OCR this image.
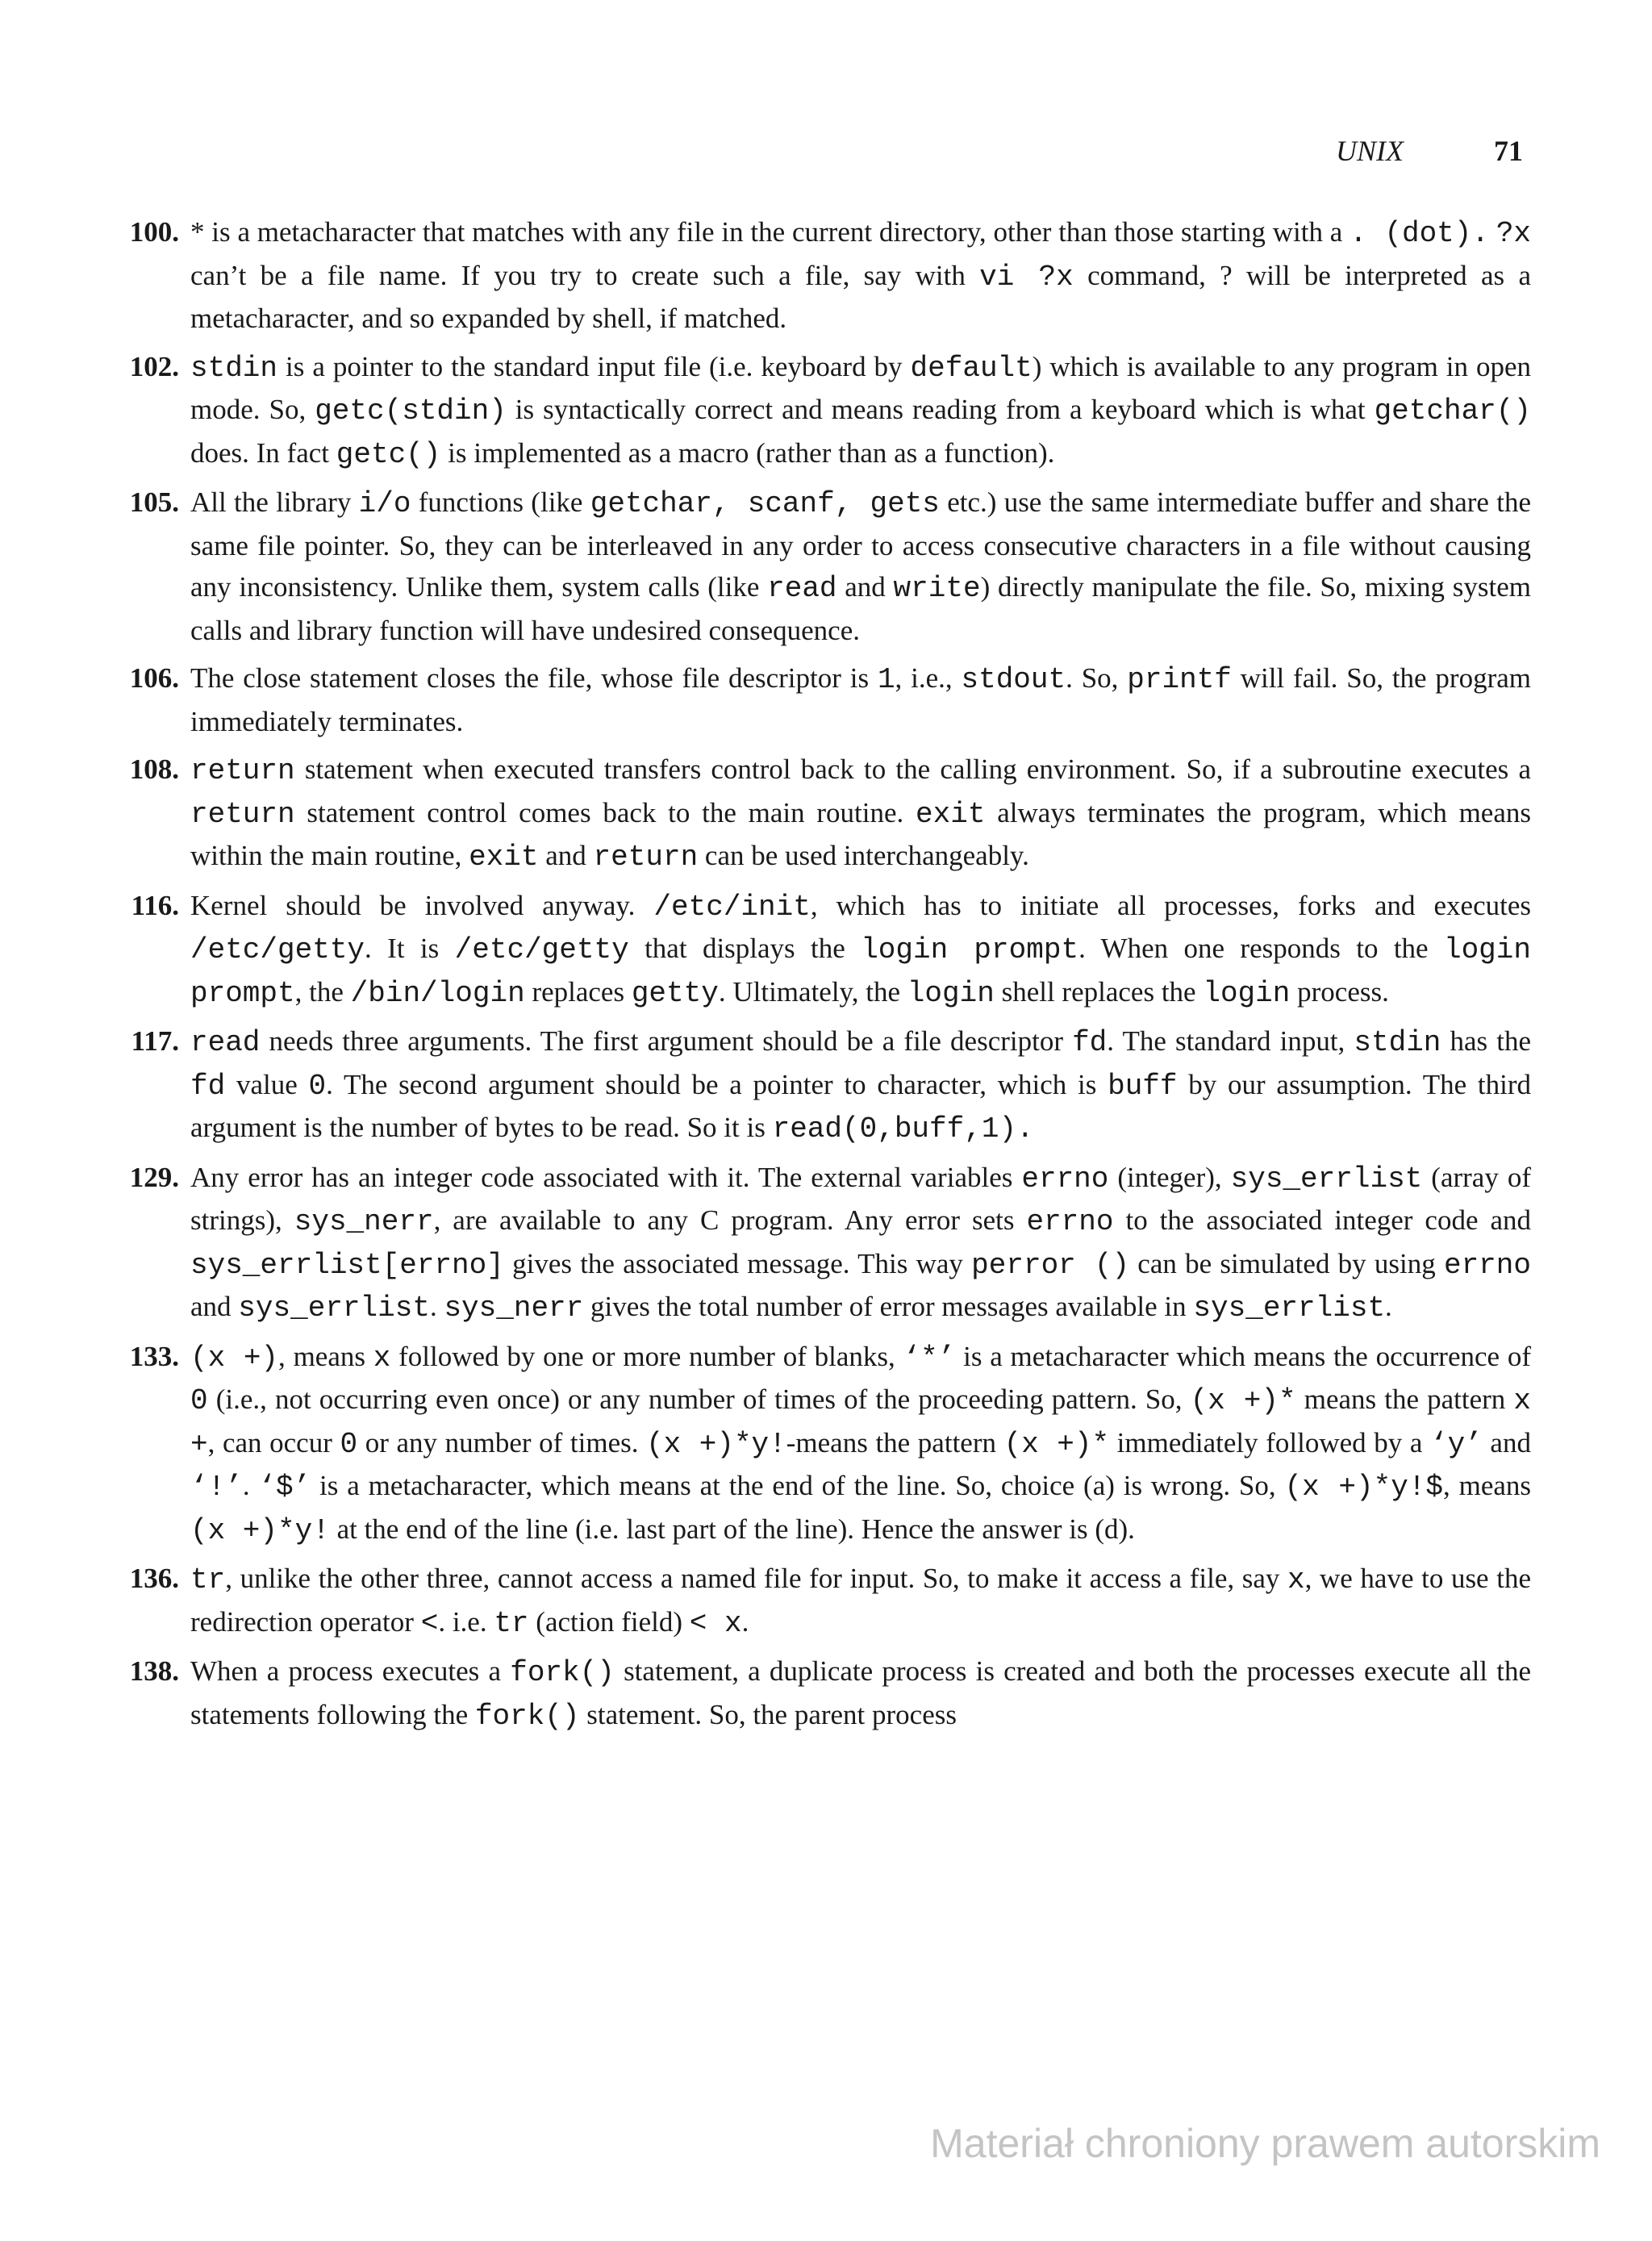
UNIX	71
100. * is a metacharacter that matches with any file in the current directory, other than those starting with a . (dot). ?x can’t be a file name. If you try to create such a file, say with vi ?x command, ? will be interpreted as a metacharacter, and so expanded by shell, if matched.
102. stdin is a pointer to the standard input file (i.e. keyboard by default) which is available to any program in open mode. So, getc(stdin) is syntactically correct and means reading from a keyboard which is what getchar() does. In fact getc() is implemented as a macro (rather than as a function).
105. All the library i/o functions (like getchar, scanf, gets etc.) use the same intermediate buffer and share the same file pointer. So, they can be interleaved in any order to access consecutive characters in a file without causing any inconsistency. Unlike them, system calls (like read and write) directly manipulate the file. So, mixing system calls and library function will have undesired consequence.
106. The close statement closes the file, whose file descriptor is 1, i.e., stdout. So, printf will fail. So, the program immediately terminates.
108. return statement when executed transfers control back to the calling environment. So, if a subroutine executes a return statement control comes back to the main routine. exit always terminates the program, which means within the main routine, exit and return can be used interchangeably.
116. Kernel should be involved anyway. /etc/init, which has to initiate all processes, forks and executes /etc/getty. It is /etc/getty that displays the login prompt. When one responds to the login prompt, the /bin/login replaces getty. Ultimately, the login shell replaces the login process.
117. read needs three arguments. The first argument should be a file descriptor fd. The standard input, stdin has the fd value 0. The second argument should be a pointer to character, which is buff by our assumption. The third argument is the number of bytes to be read. So it is read(0,buff,1).
129. Any error has an integer code associated with it. The external variables errno (integer), sys_errlist (array of strings), sys_nerr, are available to any C program. Any error sets errno to the associated integer code and sys_errlist[errno] gives the associated message. This way perror () can be simulated by using errno and sys_errlist. sys_nerr gives the total number of error messages available in sys_errlist.
133. (x +), means x followed by one or more number of blanks, ‘*’ is a metacharacter which means the occurrence of 0 (i.e., not occurring even once) or any number of times of the proceeding pattern. So, (x +)* means the pattern x +, can occur 0 or any number of times. (x +)*y!-means the pattern (x +)* immediately followed by a ‘y’ and ‘!’. ‘$’ is a metacharacter, which means at the end of the line. So, choice (a) is wrong. So, (x +)*y!$, means (x +)*y! at the end of the line (i.e. last part of the line). Hence the answer is (d).
136. tr, unlike the other three, cannot access a named file for input. So, to make it access a file, say x, we have to use the redirection operator <. i.e. tr (action field) < x.
138. When a process executes a fork() statement, a duplicate process is created and both the processes execute all the statements following the fork() statement. So, the parent process
Materiał chroniony prawem autorskim
